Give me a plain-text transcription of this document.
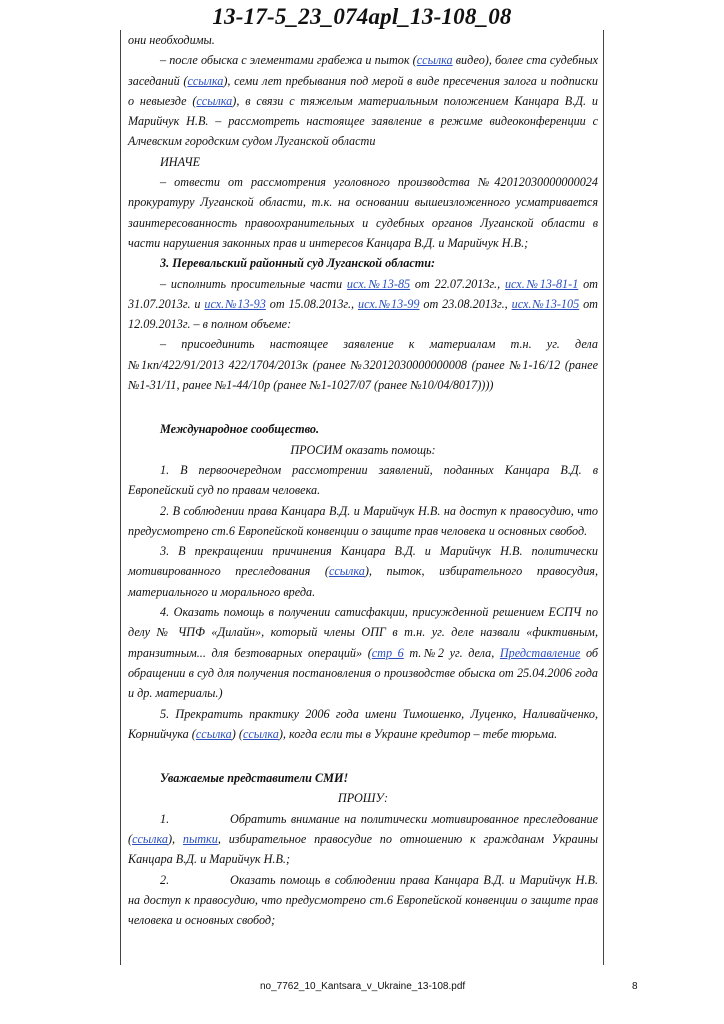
13-17-5_23_074apl_13-108_08

они необходимы.

– после обыска с элементами грабежа и пыток (ссылка видео), более ста судебных заседаний (ссылка), семи лет пребывания под мерой в виде пресечения залога и подписки о невыезде (ссылка), в связи с тяжелым материальным положением Канцара В.Д. и Марийчук Н.В. – рассмотреть настоящее заявление в режиме видеоконференции с Алчевским городским судом Луганской области

ИНАЧЕ

– отвести от рассмотрения уголовного производства №42012030000000024 прокуратуру Луганской области, т.к. на основании вышеизложенного усматривается заинтересованность правоохранительных и судебных органов Луганской области в части нарушения законных прав и интересов Канцара В.Д. и Марийчук Н.В.;

3. Перевальский районный суд Луганской области:

– исполнить просительные части исх.№13-85 от 22.07.2013г., исх.№13-81-1 от 31.07.2013г. и исх.№13-93 от 15.08.2013г., исх.№13-99 от 23.08.2013г., исх.№13-105 от 12.09.2013г. – в полном объеме:

– присоединить настоящее заявление к материалам т.н. уг. дела №1кп/422/91/2013 422/1704/2013к (ранее №32012030000000008 (ранее №1-16/12 (ранее №1-31/11, ранее №1-44/10р (ранее №1-1027/07 (ранее №10/04/8017))))

Международное сообщество.

ПРОСИМ оказать помощь:

1. В первоочередном рассмотрении заявлений, поданных Канцара В.Д. в Европейский суд по правам человека.

2. В соблюдении права Канцара В.Д. и Марийчук Н.В. на доступ к правосудию, что предусмотрено ст.6 Европейской конвенции о защите прав человека и основных свобод.

3. В прекращении причинения Канцара В.Д. и Марийчук Н.В. политически мотивированного преследования (ссылка), пыток, избирательного правосудия, материального и морального вреда.

4. Оказать помощь в получении сатисфакции, присужденной решением ЕСПЧ по делу № ЧПФ «Дилайн», который члены ОПГ в т.н. уг. деле назвали «фиктивным, транзитным... для безтоварных операций» (стр 6 т.№2 уг. дела, Представление об обращении в суд для получения постановления о производстве обыска от 25.04.2006 года и др. материалы.)

5. Прекратить практику 2006 года имени Тимошенко, Луценко, Наливайченко, Корнийчука (ссылка) (ссылка), когда если ты в Украине кредитор – тебе тюрьма.

Уважаемые представители СМИ!

ПРОШУ:

1.	Обратить внимание на политически мотивированное преследование (ссылка), пытки, избирательное правосудие по отношению к гражданам Украины Канцара В.Д. и Марийчук Н.В.;

2.	Оказать помощь в соблюдении права Канцара В.Д. и Марийчук Н.В. на доступ к правосудию, что предусмотрено ст.6 Европейской конвенции о защите прав человека и основных свобод;

no_7762_10_Kantsara_v_Ukraine_13-108.pdf	8
